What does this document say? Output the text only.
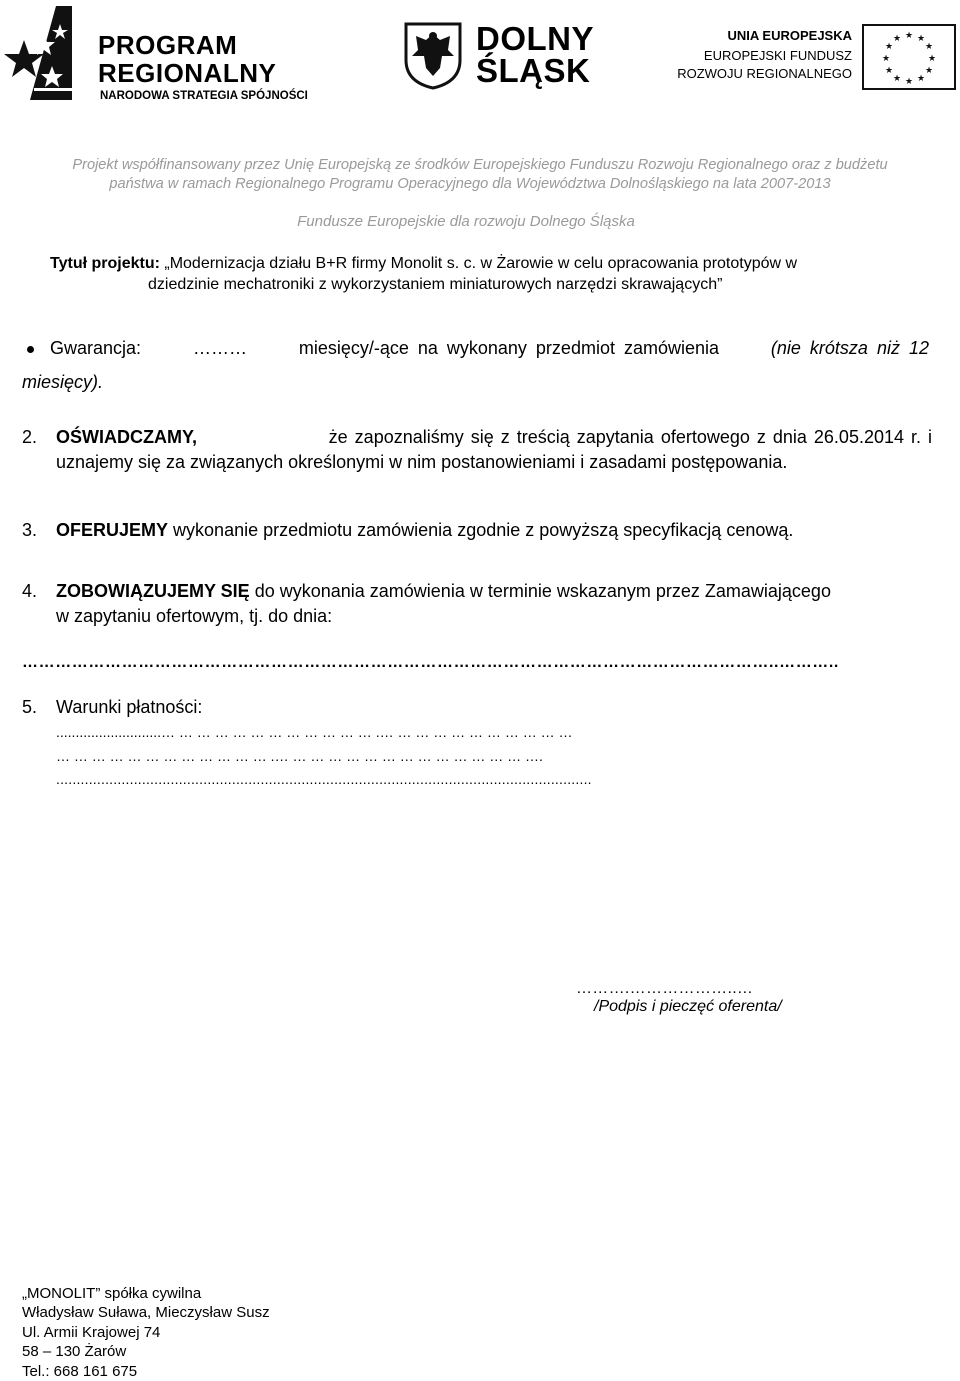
PROGRAM
REGIONALNY
NARODOWA STRATEGIA SPÓJNOŚCI
DOLNY
ŚLĄSK
UNIA EUROPEJSKA
EUROPEJSKI FUNDUSZ
ROZWOJU REGIONALNEGO
★ ★
★
★
★
★
★
★
★
★
★
★
Projekt współfinansowany przez Unię Europejską ze środków Europejskiego Funduszu Rozwoju Regionalnego oraz z budżetu
państwa w ramach Regionalnego Programu Operacyjnego dla Województwa Dolnośląskiego na lata 2007-2013
Fundusze Europejskie dla rozwoju Dolnego Śląska
Tytuł projektu: „Modernizacja działu B+R firmy Monolit s. c. w Żarowie w celu opracowania prototypów w
dziedzinie mechatroniki z wykorzystaniem miniaturowych narzędzi skrawających”
Gwarancja:	………	miesięcy/-ące na wykonany przedmiot zamówienia	(nie krótsza niż 12
miesięcy).
2. OŚWIADCZAMY,	że zapoznaliśmy się z treścią zapytania ofertowego z dnia 26.05.2014 r. i
uznajemy się za związanych określonymi w nim postanowieniami i zasadami postępowania.
3. OFERUJEMY wykonanie przedmiotu zamówienia zgodnie z powyższą specyfikacją cenową.
4. ZOBOWIĄZUJEMY SIĘ do wykonania zamówienia w terminie wskazanym przez Zamawiającego
w zapytaniu ofertowym, tj. do dnia:
………………………………………………………………………………………………………………………..………..
5. Warunki płatności:
...........................… … … … … … … … … … … … .… … … … … … … … … … …
… … … … … … … … … … … … .… … … … … … … … … … … … … … ….
...................................................................................................................................
……….………………..…
/Podpis i pieczęć oferenta/
„MONOLIT” spółka cywilna
Władysław Suława, Mieczysław Susz
Ul. Armii Krajowej 74
58 – 130 Żarów
Tel.: 668 161 675
